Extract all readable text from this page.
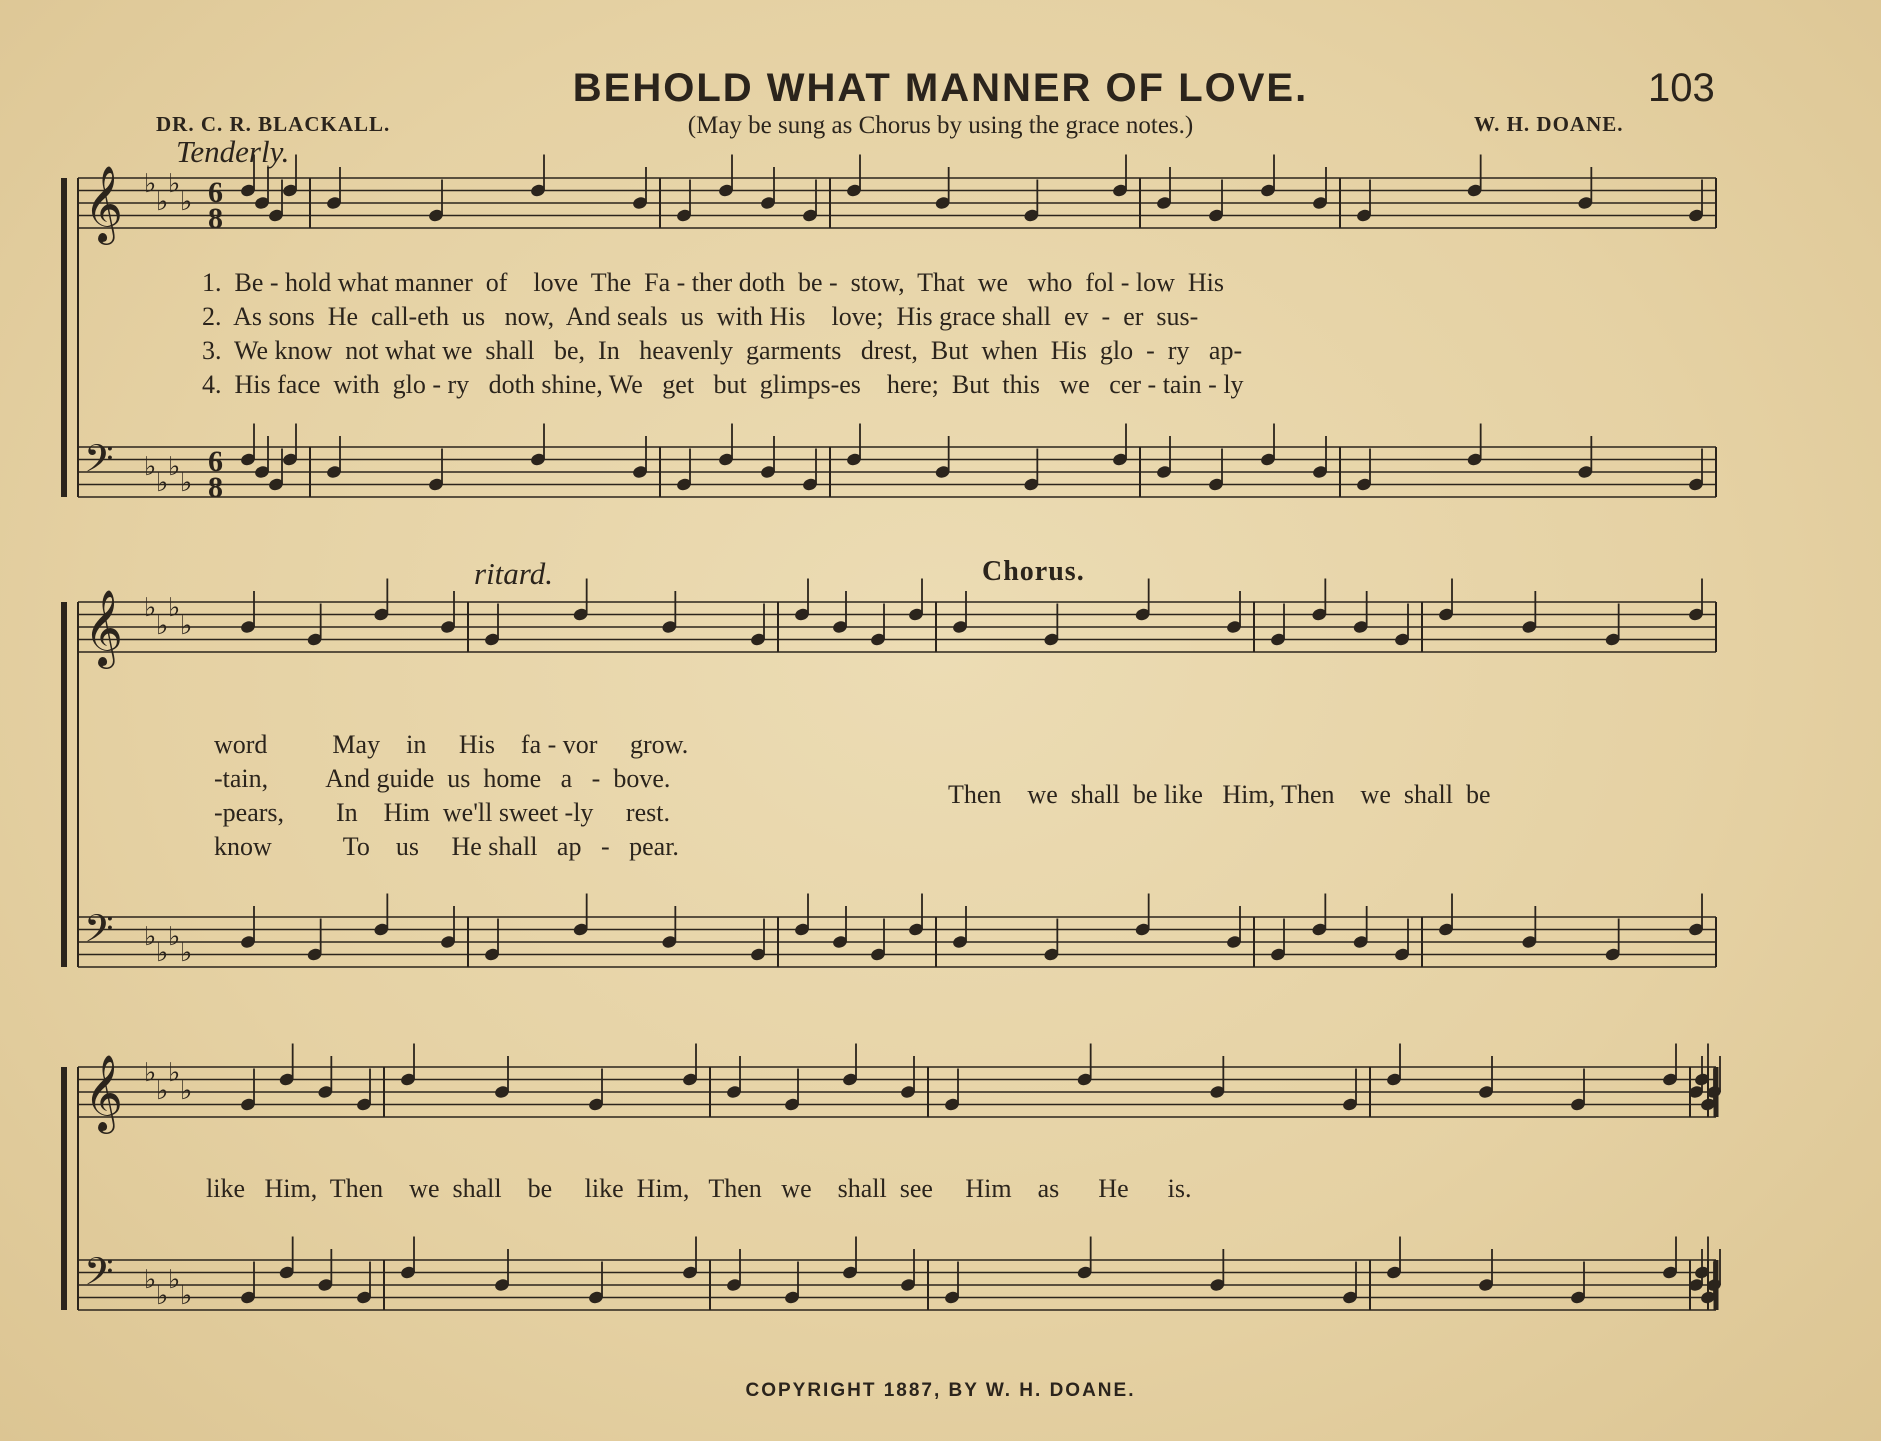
BEHOLD WHAT MANNER OF LOVE.	103
DR. C. R. BLACKALL.	W. H. DOANE.
(May be sung as Chorus by using the grace notes.)
Tenderly.
ritard.	Chorus.
𝄞 ♭
♭
♭
♭ 6
8
𝄢 ♭
♭
♭
♭
6
8
𝄞 ♭
♭
♭
♭
𝄢 ♭
♭
♭
♭
𝄞 ♭
♭
♭
♭
𝄢 ♭
♭
♭
♭
1. Be - hold what manner  of    love  The  Fa - ther doth  be -  stow,  That  we   who  fol - low  His
2. As sons  He  call-eth  us   now,  And seals  us  with His    love;  His grace shall  ev  -  er  sus-
3. We know  not what we  shall   be,  In   heavenly  garments   drest,  But  when  His  glo  -  ry   ap-
4. His face  with  glo - ry   doth shine, We   get   but  glimps-es    here;  But  this   we   cer - tain - ly
word          May    in     His    fa - vor     grow.
-tain,         And guide  us  home   a   -  bove.
-pears,        In    Him  we'll sweet -ly     rest.
know           To    us     He shall   ap   -   pear.
Then    we  shall  be like   Him, Then    we  shall  be
like   Him,  Then    we  shall    be     like  Him,   Then   we    shall  see     Him    as      He      is.
COPYRIGHT 1887, BY W. H. DOANE.
